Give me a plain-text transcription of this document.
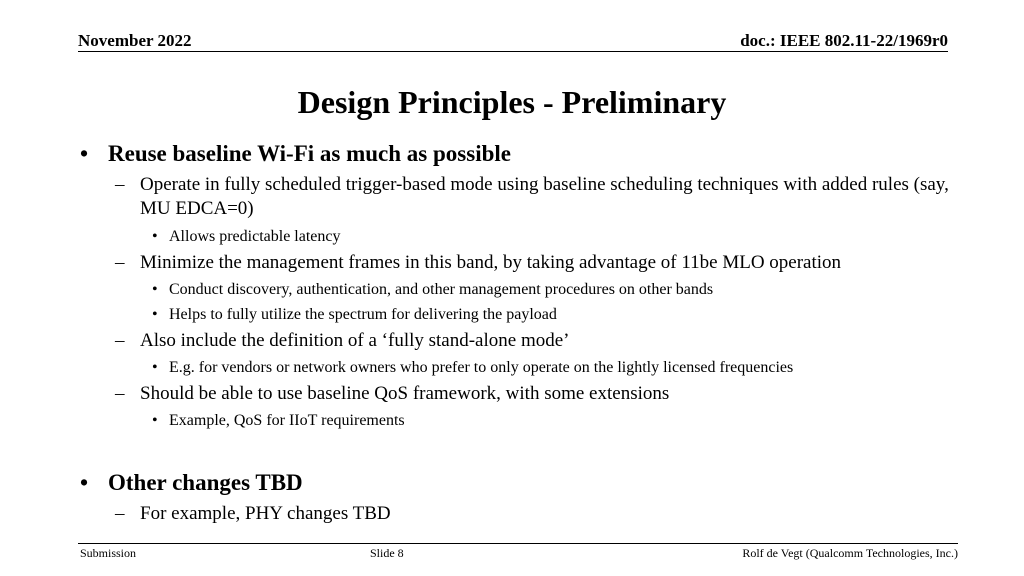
November 2022	doc.: IEEE 802.11-22/1969r0
Design Principles - Preliminary
• Reuse baseline Wi-Fi as much as possible
– Operate in fully scheduled trigger-based mode using baseline scheduling techniques with added rules (say, MU EDCA=0)
• Allows predictable latency
– Minimize the management frames in this band, by taking advantage of 11be MLO operation
• Conduct discovery, authentication, and other management procedures on other bands
• Helps to fully utilize the spectrum for delivering the payload
– Also include the definition of a ‘fully stand-alone mode’
• E.g. for vendors or network owners who prefer to only operate on the lightly licensed frequencies
– Should be able to use baseline QoS framework, with some extensions
• Example, QoS for IIoT requirements
• Other changes TBD
– For example, PHY changes TBD
Submission	Slide 8	Rolf de Vegt (Qualcomm Technologies, Inc.)
